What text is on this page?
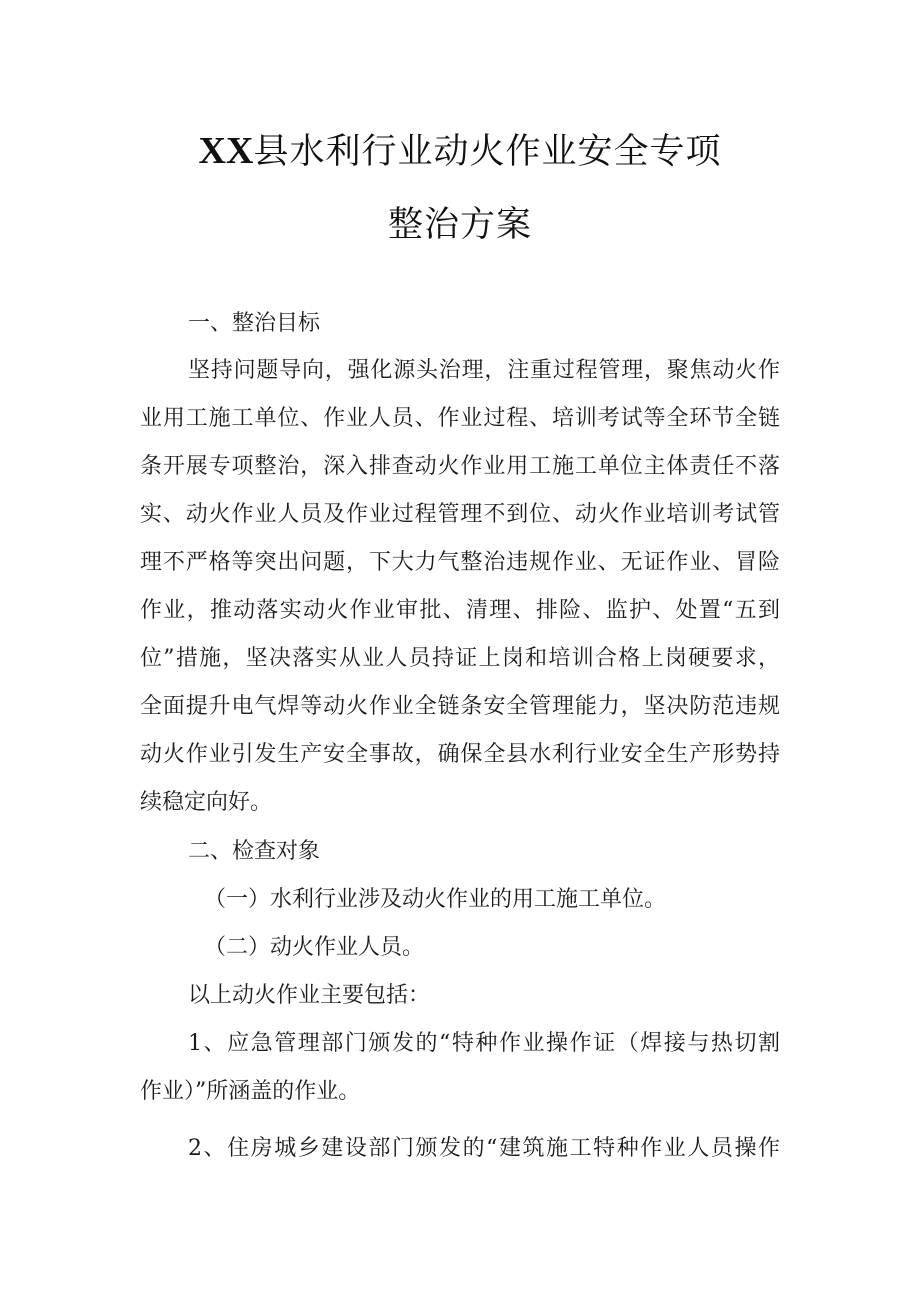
XX县水利行业动火作业安全专项
整治方案
一、整治目标
坚持问题导向，强化源头治理，注重过程管理，聚焦动火作
业用工施工单位、作业人员、作业过程、培训考试等全环节全链
条开展专项整治，深入排查动火作业用工施工单位主体责任不落
实、动火作业人员及作业过程管理不到位、动火作业培训考试管
理不严格等突出问题，下大力气整治违规作业、无证作业、冒险
作业，推动落实动火作业审批、清理、排险、监护、处置“五到
位”措施，坚决落实从业人员持证上岗和培训合格上岗硬要求，
全面提升电气焊等动火作业全链条安全管理能力，坚决防范违规
动火作业引发生产安全事故，确保全县水利行业安全生产形势持
续稳定向好。
二、检查对象
（一）水利行业涉及动火作业的用工施工单位。
（二）动火作业人员。
以上动火作业主要包括：
1、应急管理部门颁发的“特种作业操作证（焊接与热切割
作业）”所涵盖的作业。
2、住房城乡建设部门颁发的“建筑施工特种作业人员操作
